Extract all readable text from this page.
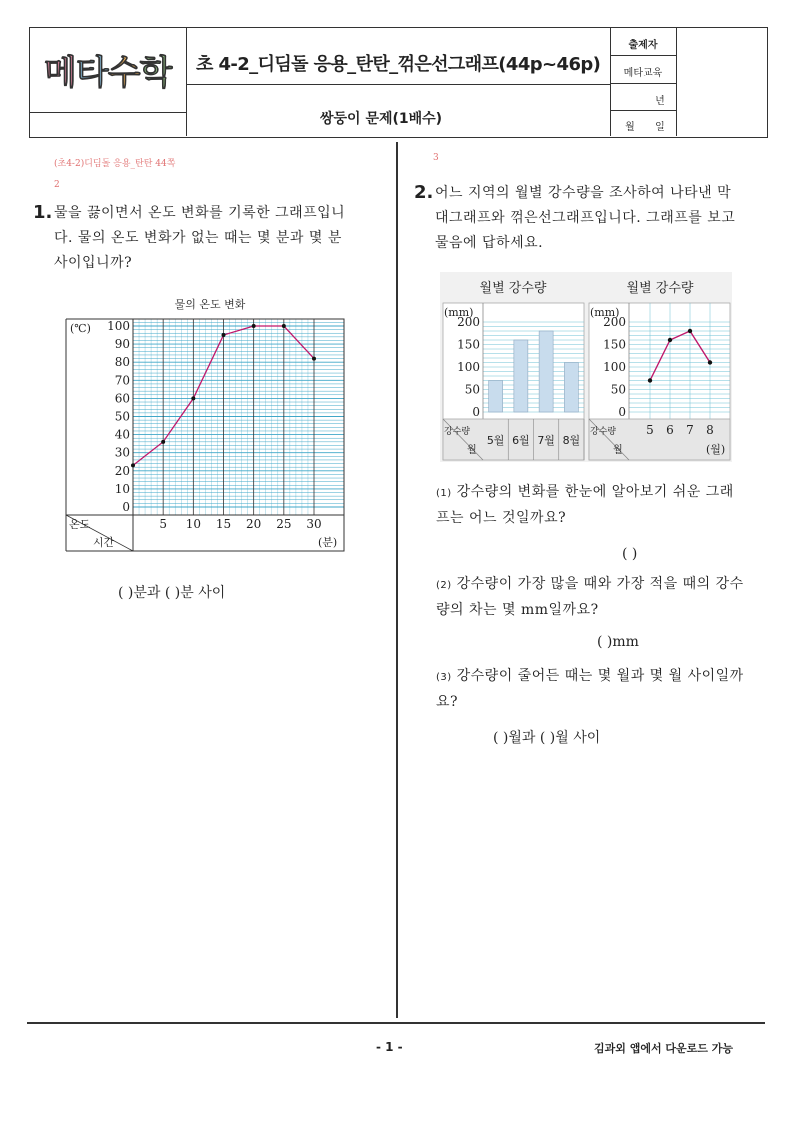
메타수학 초 4-2_디딤돌 응용_탄탄_꺾은선그래프(44p~46p)
쌍둥이 문제(1배수)
출제자
메타교육
년
월	일
(초4-2)디딤돌 응용_탄탄 44쪽
2
1. 물을 끓이면서 온도 변화를 기록한 그래프입니다. 물의 온도 변화가 없는 때는 몇 분과 몇 분 사이입니까?
물의 온도 변화
(℃)
온도
시간	(분)
0
10
20
30
40
50
60
70
80
90
100
5 10 15 20 25 30
( )분과 ( )분 사이
3
2. 어느 지역의 월별 강수량을 조사하여 나타낸 막대그래프와 꺾은선그래프입니다. 그래프를 보고 물음에 답하세요.
월별 강수량
(mm)
강수량
월
0
50
100
150
200
5월 6월 7월 8월
월별 강수량
(mm)
강수량
월	(월)
0
50
100
150
200
5 6 7 8
(1) 강수량의 변화를 한눈에 알아보기 쉬운 그래프는 어느 것일까요?
( )
(2) 강수량이 가장 많을 때와 가장 적을 때의 강수량의 차는 몇 mm일까요?
( )mm
(3) 강수량이 줄어든 때는 몇 월과 몇 월 사이일까요?
( )월과 ( )월 사이
- 1 -	김과외 앱에서 다운로드 가능
